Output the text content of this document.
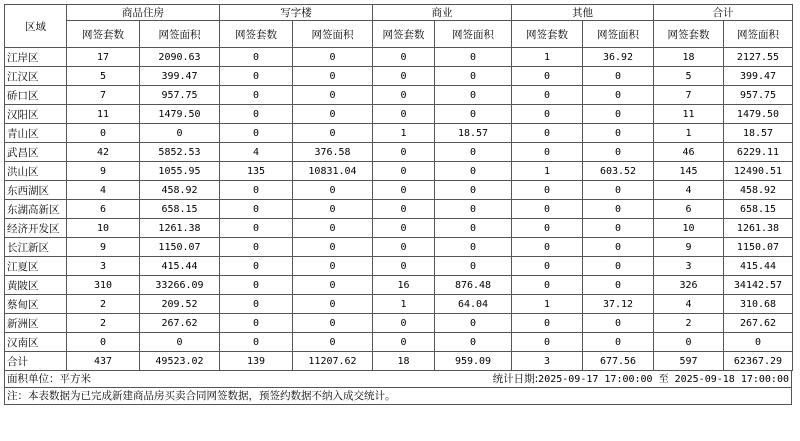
区域	商品住房		写字楼		商业		其他		合计	
	网签套数	网签面积	网签套数	网签面积	网签套数	网签面积	网签套数	网签面积	网签套数	网签面积
江岸区	17	2090.63	0	0	0	0	1	36.92	18	2127.55
江汉区	5	399.47	0	0	0	0	0	0	5	399.47
硚口区	7	957.75	0	0	0	0	0	0	7	957.75
汉阳区	11	1479.50	0	0	0	0	0	0	11	1479.50
青山区	0	0	0	0	1	18.57	0	0	1	18.57
武昌区	42	5852.53	4	376.58	0	0	0	0	46	6229.11
洪山区	9	1055.95	135	10831.04	0	0	1	603.52	145	12490.51
东西湖区	4	458.92	0	0	0	0	0	0	4	458.92
东湖高新区	6	658.15	0	0	0	0	0	0	6	658.15
经济开发区	10	1261.38	0	0	0	0	0	0	10	1261.38
长江新区	9	1150.07	0	0	0	0	0	0	9	1150.07
江夏区	3	415.44	0	0	0	0	0	0	3	415.44
黄陂区	310	33266.09	0	0	16	876.48	0	0	326	34142.57
蔡甸区	2	209.52	0	0	1	64.04	1	37.12	4	310.68
新洲区	2	267.62	0	0	0	0	0	0	2	267.62
汉南区	0	0	0	0	0	0	0	0	0	0
合计	437	49523.02	139	11207.62	18	959.09	3	677.56	597	62367.29
面积单位：平方米	统计日期:2025-09-17 17:00:00 至 2025-09-18 17:00:00
注：本表数据为已完成新建商品房买卖合同网签数据，预签约数据不纳入成交统计。
